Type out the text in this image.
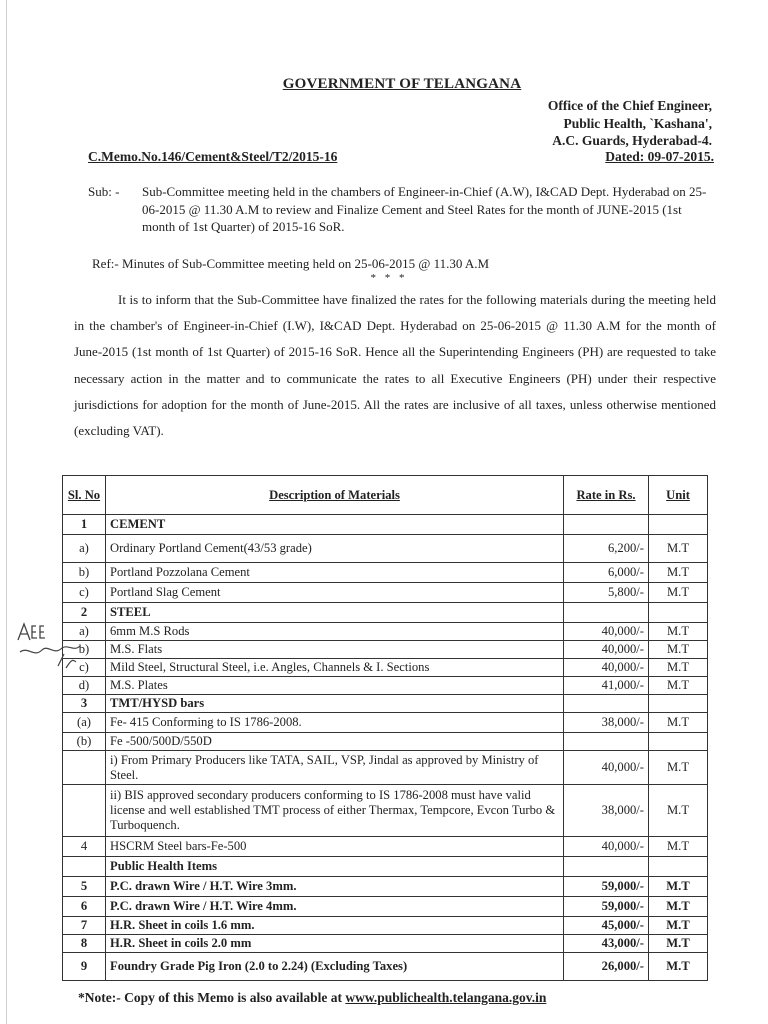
GOVERNMENT OF TELANGANA
Office of the Chief Engineer,
Public Health, `Kashana',
A.C. Guards, Hyderabad-4.
C.Memo.No.146/Cement&Steel/T2/2015-16	Dated: 09-07-2015.
Sub: - Sub-Committee meeting held in the chambers of Engineer-in-Chief (A.W), I&CAD Dept. Hyderabad on 25-06-2015 @ 11.30 A.M to review and Finalize Cement and Steel Rates for the month of JUNE-2015 (1st month of 1st Quarter) of 2015-16 SoR.
Ref:- Minutes of Sub-Committee meeting held on 25-06-2015 @ 11.30 A.M
* * *
It is to inform that the Sub-Committee have finalized the rates for the following materials during the meeting held in the chamber's of Engineer-in-Chief (I.W), I&CAD Dept. Hyderabad on 25-06-2015 @ 11.30 A.M for the month of June-2015 (1st month of 1st Quarter) of 2015-16 SoR. Hence all the Superintending Engineers (PH) are requested to take necessary action in the matter and to communicate the rates to all Executive Engineers (PH) under their respective jurisdictions for adoption for the month of June-2015. All the rates are inclusive of all taxes, unless otherwise mentioned (excluding VAT).
Sl. No	Description of Materials	Rate in Rs.	Unit
1	CEMENT		
a)	Ordinary Portland Cement(43/53 grade)	6,200/-	M.T
b)	Portland Pozzolana Cement	6,000/-	M.T
c)	Portland Slag Cement	5,800/-	M.T
2	STEEL		
a)	6mm M.S Rods	40,000/-	M.T
b)	M.S. Flats	40,000/-	M.T
c)	Mild Steel, Structural Steel, i.e. Angles, Channels & I. Sections	40,000/-	M.T
d)	M.S. Plates	41,000/-	M.T
3	TMT/HYSD bars		
(a)	Fe- 415 Conforming to IS 1786-2008.	38,000/-	M.T
(b)	Fe -500/500D/550D		
	i) From Primary Producers like TATA, SAIL, VSP, Jindal as approved by Ministry of Steel.	40,000/-	M.T
	ii) BIS approved secondary producers conforming to IS 1786-2008 must have valid license and well established TMT process of either Thermax, Tempcore, Evcon Turbo & Turboquench.	38,000/-	M.T
4	HSCRM Steel bars-Fe-500	40,000/-	M.T
	Public Health Items		
5	P.C. drawn Wire / H.T. Wire 3mm.	59,000/-	M.T
6	P.C. drawn Wire / H.T. Wire 4mm.	59,000/-	M.T
7	H.R. Sheet in coils 1.6 mm.	45,000/-	M.T
8	H.R. Sheet in coils 2.0 mm	43,000/-	M.T
9	Foundry Grade Pig Iron (2.0 to 2.24) (Excluding Taxes)	26,000/-	M.T
*Note:- Copy of this Memo is also available at www.publichealth.telangana.gov.in
